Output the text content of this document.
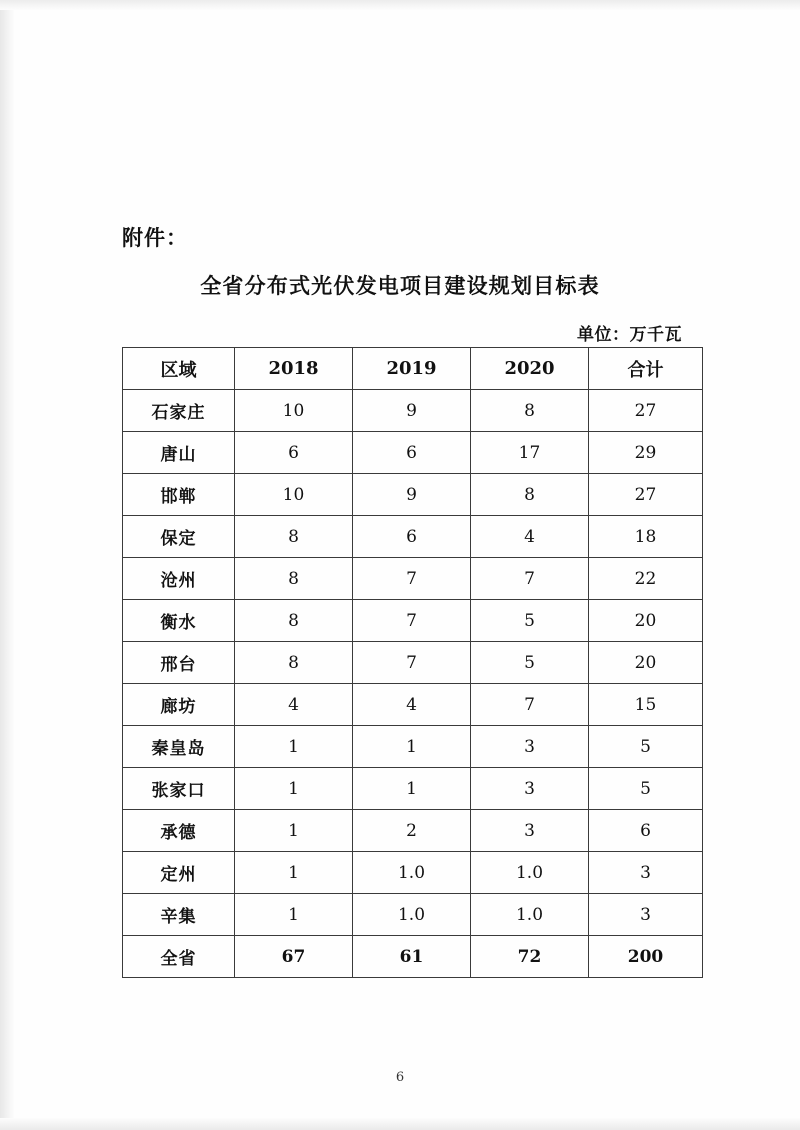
附件：
全省分布式光伏发电项目建设规划目标表
单位：万千瓦
区域	2018	2019	2020	合计
石家庄	10	9	8	27
唐山	6	6	17	29
邯郸	10	9	8	27
保定	8	6	4	18
沧州	8	7	7	22
衡水	8	7	5	20
邢台	8	7	5	20
廊坊	4	4	7	15
秦皇岛	1	1	3	5
张家口	1	1	3	5
承德	1	2	3	6
定州	1	1.0	1.0	3
辛集	1	1.0	1.0	3
全省	67	61	72	200
6
